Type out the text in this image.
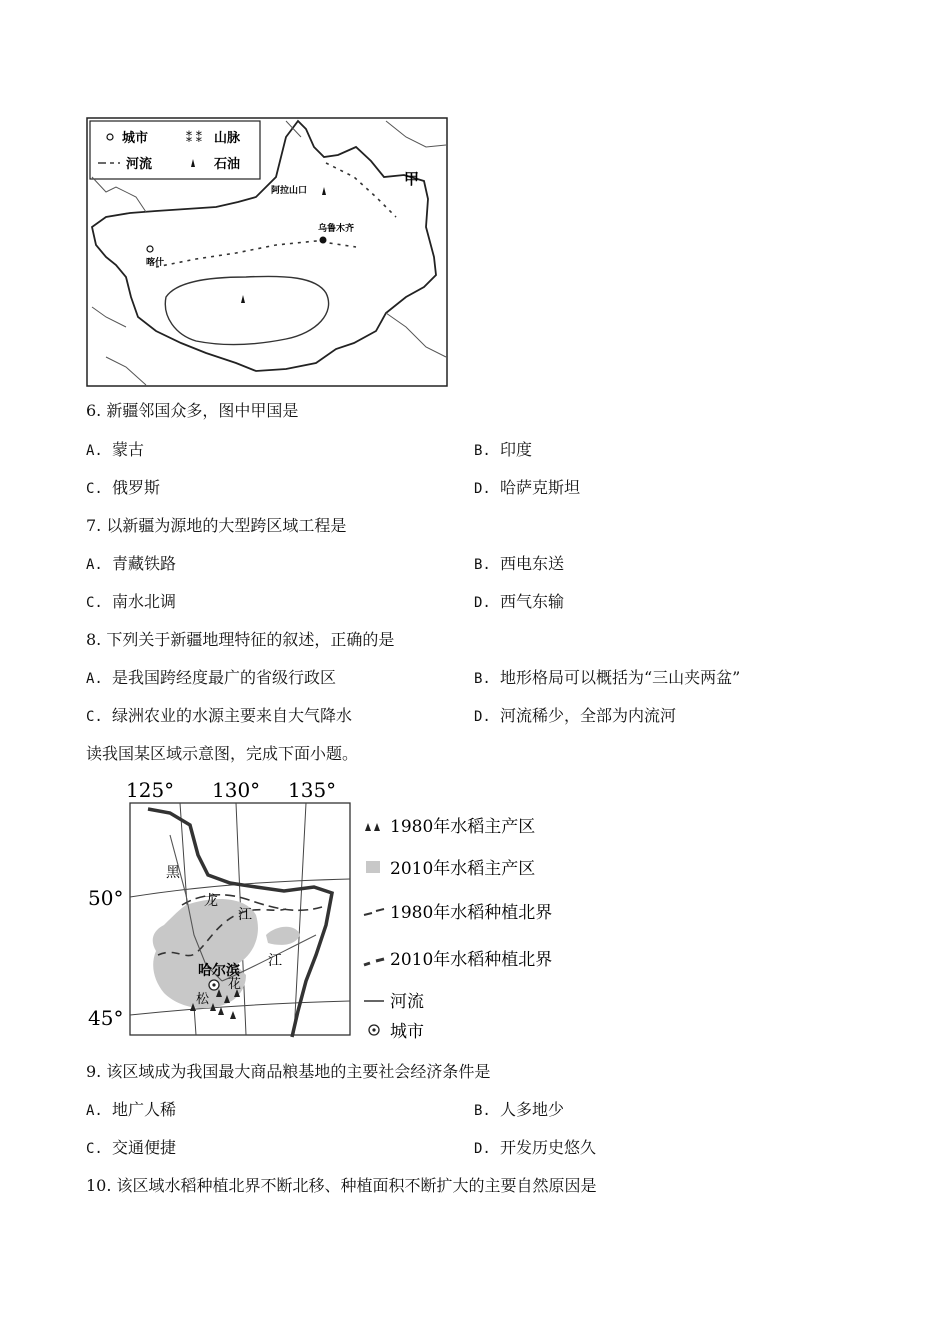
城市	⁑ ⁑ 山脉
河流	石油
甲
阿拉山口
乌鲁木齐
喀什
6. 新疆邻国众多，图中甲国是
A. 蒙古	B. 印度
C. 俄罗斯	D. 哈萨克斯坦
7. 以新疆为源地的大型跨区域工程是
A. 青藏铁路	B. 西电东送
C. 南水北调	D. 西气东输
8. 下列关于新疆地理特征的叙述，正确的是
A. 是我国跨经度最广的省级行政区	B. 地形格局可以概括为“三山夹两盆”
C. 绿洲农业的水源主要来自大气降水	D. 河流稀少，全部为内流河
读我国某区域示意图，完成下面小题。
125° 130° 135°
50°
45°
黑
龙
江
江
哈尔滨
花
松
1980年水稻主产区
2010年水稻主产区
1980年水稻种植北界
2010年水稻种植北界
河流
城市
9. 该区域成为我国最大商品粮基地的主要社会经济条件是
A. 地广人稀	B. 人多地少
C. 交通便捷	D. 开发历史悠久
10. 该区域水稻种植北界不断北移、种植面积不断扩大的主要自然原因是
